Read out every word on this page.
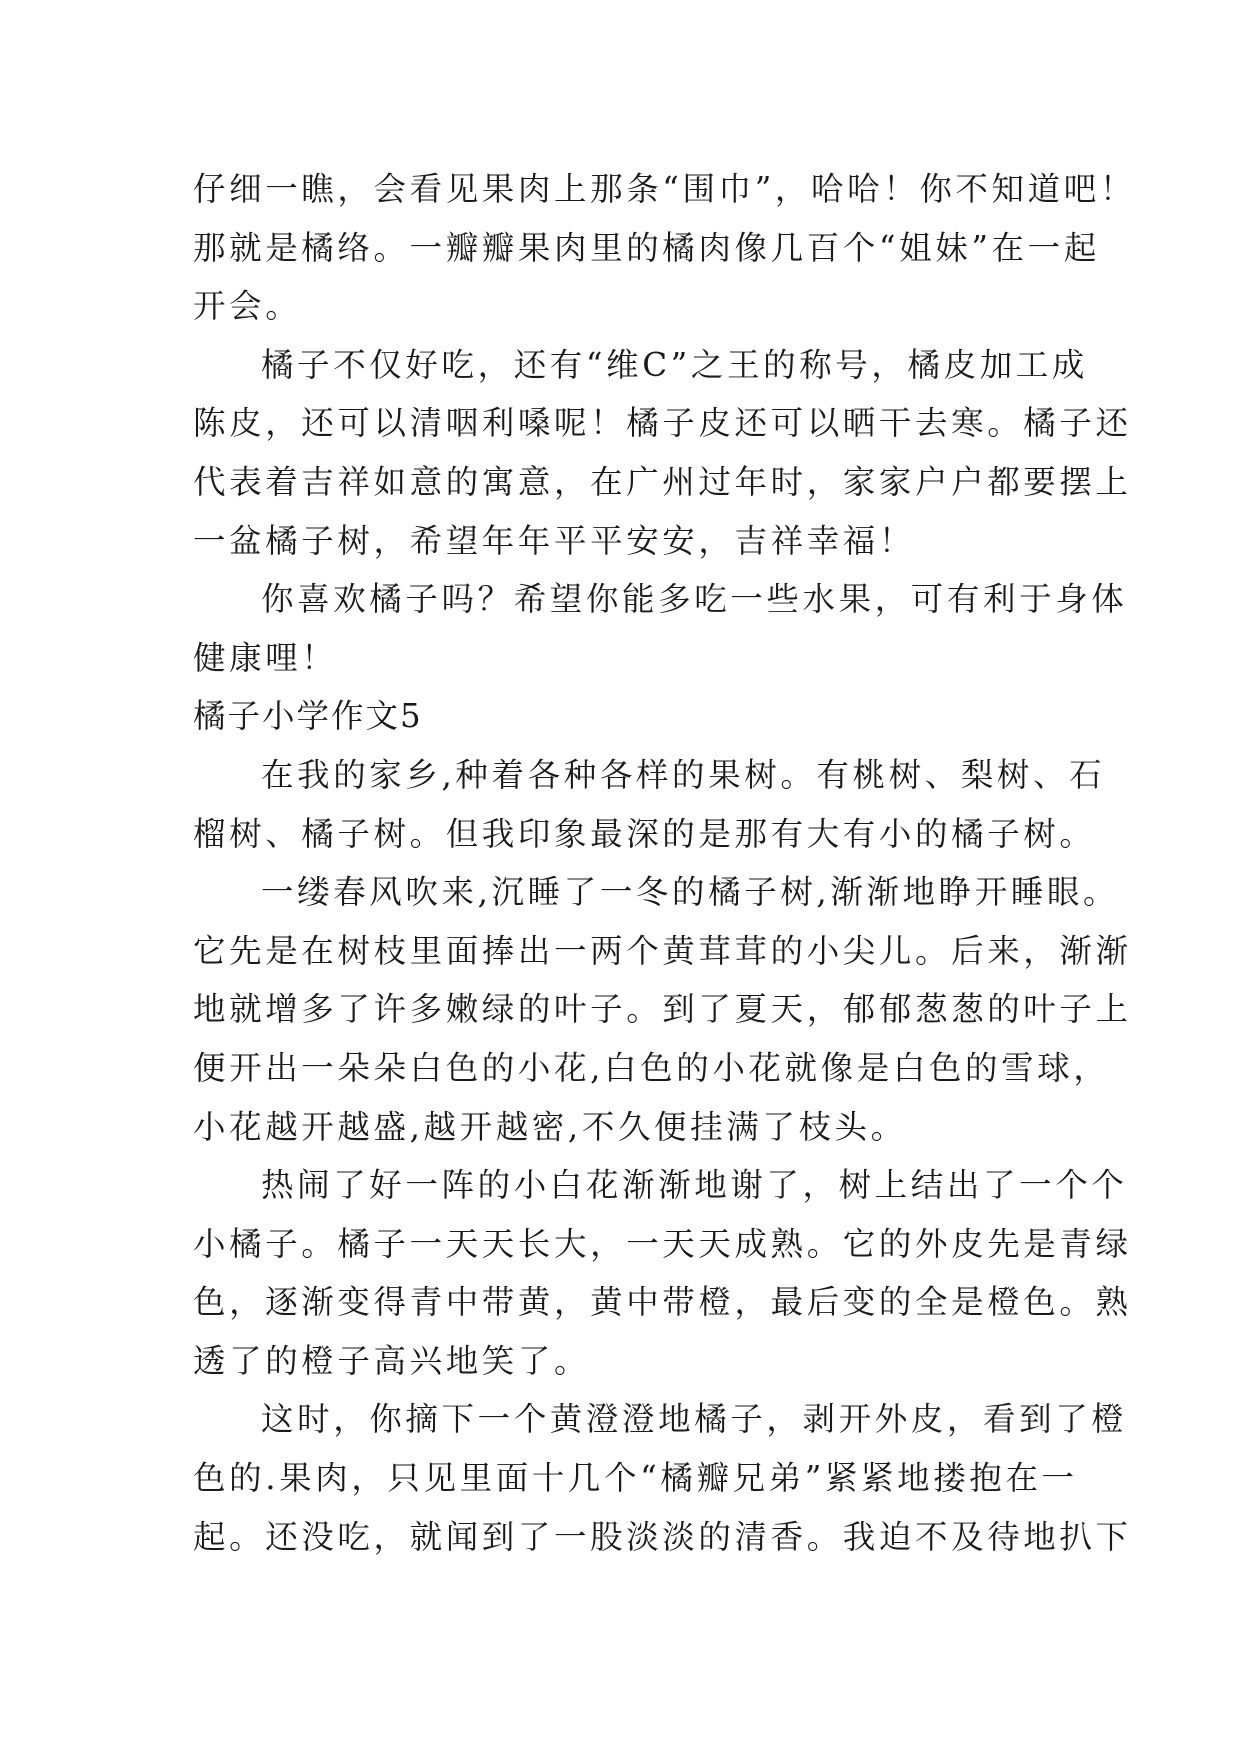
仔细一瞧，会看见果肉上那条“围巾”，哈哈！你不知道吧！
那就是橘络。一瓣瓣果肉里的橘肉像几百个“姐妹”在一起
开会。
橘子不仅好吃，还有“维C”之王的称号，橘皮加工成
陈皮，还可以清咽利嗓呢！橘子皮还可以晒干去寒。橘子还
代表着吉祥如意的寓意，在广州过年时，家家户户都要摆上
一盆橘子树，希望年年平平安安，吉祥幸福！
你喜欢橘子吗？希望你能多吃一些水果，可有利于身体
健康哩！
橘子小学作文5
在我的家乡,种着各种各样的果树。有桃树、梨树、石
榴树、橘子树。但我印象最深的是那有大有小的橘子树。
一缕春风吹来,沉睡了一冬的橘子树,渐渐地睁开睡眼。
它先是在树枝里面捧出一两个黄茸茸的小尖儿。后来，渐渐
地就增多了许多嫩绿的叶子。到了夏天，郁郁葱葱的叶子上
便开出一朵朵白色的小花,白色的小花就像是白色的雪球，
小花越开越盛,越开越密,不久便挂满了枝头。
热闹了好一阵的小白花渐渐地谢了，树上结出了一个个
小橘子。橘子一天天长大，一天天成熟。它的外皮先是青绿
色，逐渐变得青中带黄，黄中带橙，最后变的全是橙色。熟
透了的橙子高兴地笑了。
这时，你摘下一个黄澄澄地橘子，剥开外皮，看到了橙
色的.果肉，只见里面十几个“橘瓣兄弟”紧紧地搂抱在一
起。还没吃，就闻到了一股淡淡的清香。我迫不及待地扒下
